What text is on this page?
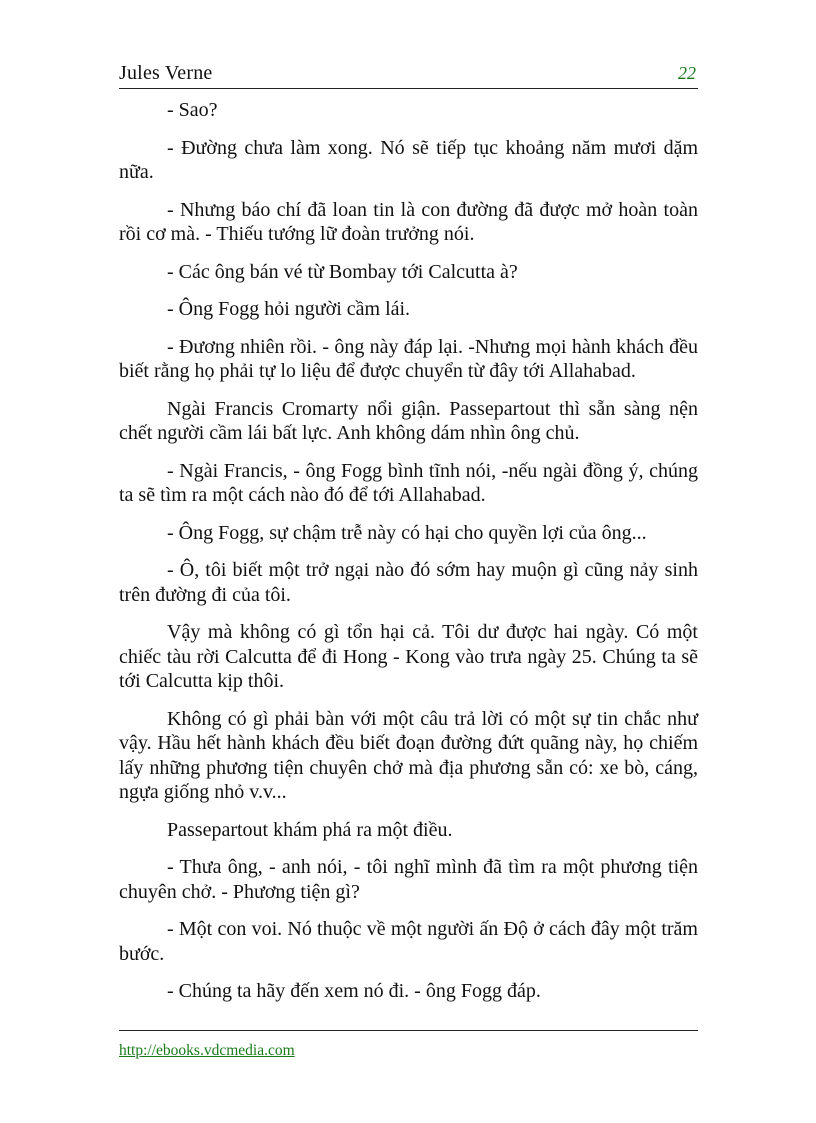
Jules Verne	22

- Sao?

- Đường chưa làm xong. Nó sẽ tiếp tục khoảng năm mươi dặm nữa.

- Nhưng báo chí đã loan tin là con đường đã được mở hoàn toàn rồi cơ mà. - Thiếu tướng lữ đoàn trưởng nói.

- Các ông bán vé từ Bombay tới Calcutta à?

- Ông Fogg hỏi người cầm lái.

- Đương nhiên rồi. - ông này đáp lại. -Nhưng mọi hành khách đều biết rằng họ phải tự lo liệu để được chuyển từ đây tới Allahabad.

Ngài Francis Cromarty nổi giận. Passepartout thì sẵn sàng nện chết người cầm lái bất lực. Anh không dám nhìn ông chủ.

- Ngài Francis, - ông Fogg bình tĩnh nói, -nếu ngài đồng ý, chúng ta sẽ tìm ra một cách nào đó để tới Allahabad.

- Ông Fogg, sự chậm trễ này có hại cho quyền lợi của ông...

- Ô, tôi biết một trở ngại nào đó sớm hay muộn gì cũng nảy sinh trên đường đi của tôi.

Vậy mà không có gì tổn hại cả. Tôi dư được hai ngày. Có một chiếc tàu rời Calcutta để đi Hong - Kong vào trưa ngày 25. Chúng ta sẽ tới Calcutta kịp thôi.

Không có gì phải bàn với một câu trả lời có một sự tin chắc như vậy. Hầu hết hành khách đều biết đoạn đường đứt quãng này, họ chiếm lấy những phương tiện chuyên chở mà địa phương sẵn có: xe bò, cáng, ngựa giống nhỏ v.v...

Passepartout khám phá ra một điều.

- Thưa ông, - anh nói, - tôi nghĩ mình đã tìm ra một phương tiện chuyên chở. - Phương tiện gì?

- Một con voi. Nó thuộc về một người ấn Độ ở cách đây một trăm bước.

- Chúng ta hãy đến xem nó đi. - ông Fogg đáp.

http://ebooks.vdcmedia.com
